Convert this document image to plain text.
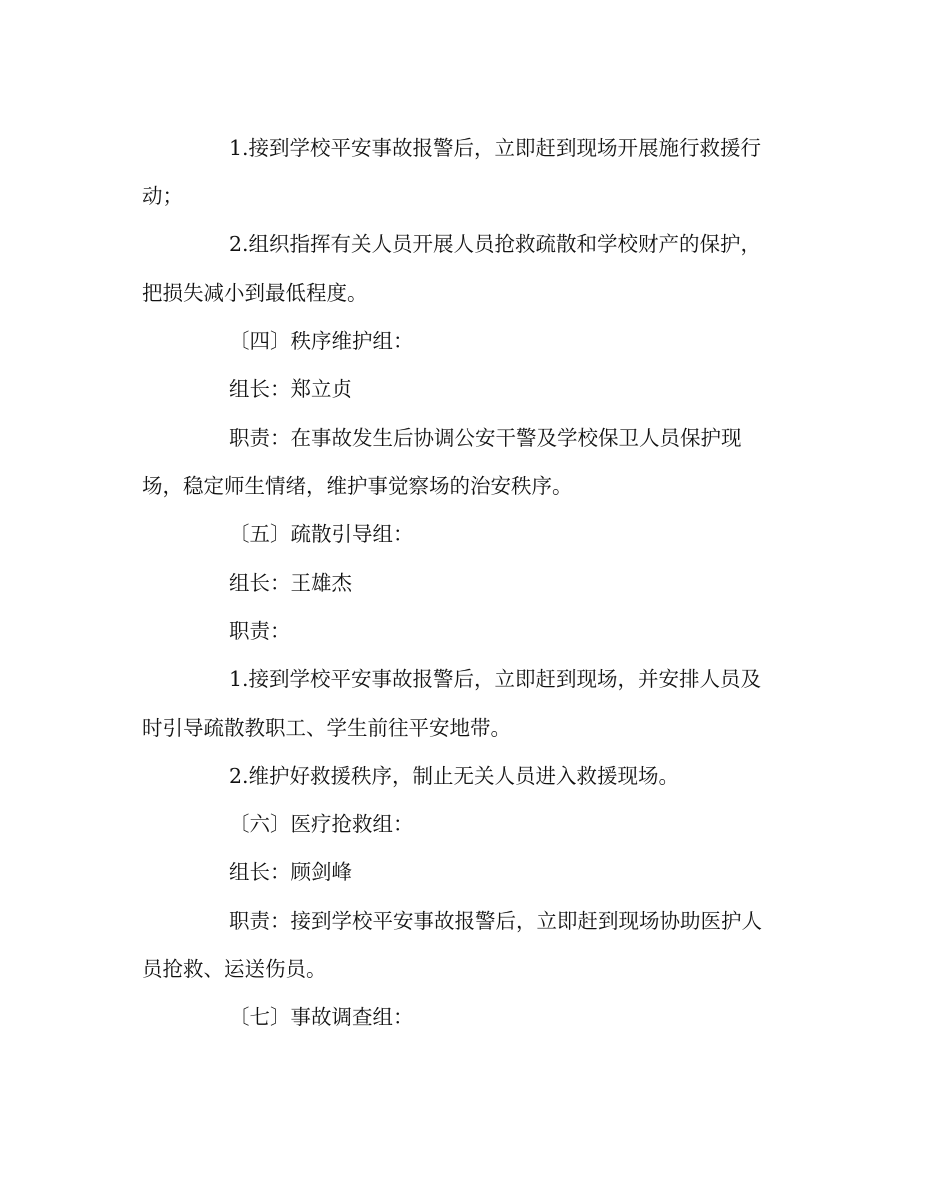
1.接到学校平安事故报警后，立即赶到现场开展施行救援行
动；
2.组织指挥有关人员开展人员抢救疏散和学校财产的保护，
把损失减小到最低程度。
〔四〕秩序维护组：
组长：郑立贞
职责：在事故发生后协调公安干警及学校保卫人员保护现
场，稳定师生情绪，维护事觉察场的治安秩序。
〔五〕疏散引导组：
组长：王雄杰
职责：
1.接到学校平安事故报警后，立即赶到现场，并安排人员及
时引导疏散教职工、学生前往平安地带。
2.维护好救援秩序，制止无关人员进入救援现场。
〔六〕医疗抢救组：
组长：顾剑峰
职责：接到学校平安事故报警后，立即赶到现场协助医护人
员抢救、运送伤员。
〔七〕事故调查组：
